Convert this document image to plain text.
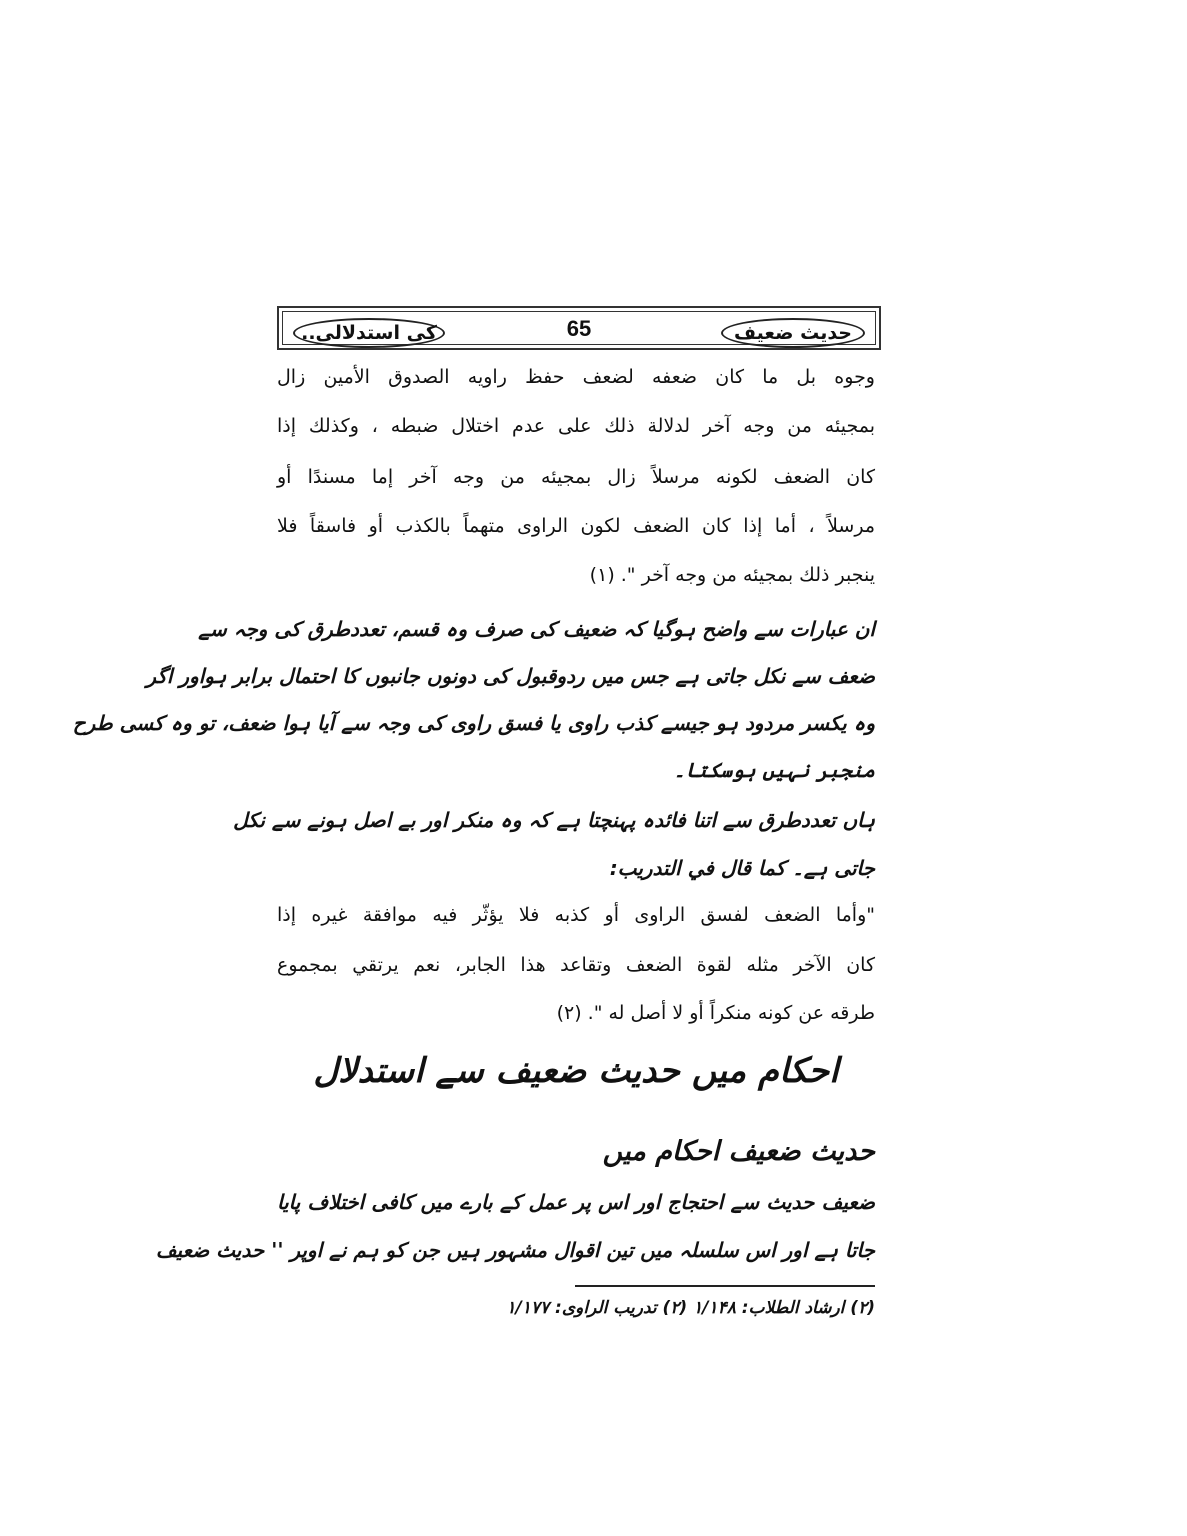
کی استدلالی..	65	حدیث ضعیف
وجوه بل ما كان ضعفه لضعف حفظ راويه الصدوق الأمين زال
بمجيئه من وجه آخر لدلالة ذلك على عدم اختلال ضبطه ، وكذلك إذا
كان الضعف لكونه مرسلاً زال بمجيئه من وجه آخر إما مسندًا أو
مرسلاً ، أما إذا كان الضعف لكون الراوى متهماً بالكذب أو فاسقاً فلا
ينجبر ذلك بمجيئه من وجه آخر ". (۱)
ان عبارات سے واضح ہوگیا کہ ضعیف کی صرف وہ قسم، تعددطرق کی وجہ سے
ضعف سے نکل جاتی ہے جس میں ردوقبول کی دونوں جانبوں کا احتمال برابر ہواور اگر
وہ یکسر مردود ہو جیسے کذب راوی یا فسق راوی کی وجہ سے آیا ہوا ضعف، تو وہ کسی طرح
منجبر نہیں ہوسکتا۔
ہاں تعددطرق سے اتنا فائدہ پہنچتا ہے کہ وہ منکر اور بے اصل ہونے سے نکل
جاتی ہے۔ کما قال في التدريب:
"وأما الضعف لفسق الراوى أو كذبه فلا يؤثّر فيه موافقة غيره إذا
كان الآخر مثله لقوة الضعف وتقاعد هذا الجابر، نعم يرتقي بمجموع
طرقه عن كونه منكراً أو لا أصل له ". (۲)
احکام میں حدیث ضعیف سے استدلال
حدیث ضعیف احکام میں
ضعیف حدیث سے احتجاج اور اس پر عمل کے بارے میں کافی اختلاف پایا
جاتا ہے اور اس سلسلہ میں تین اقوال مشہور ہیں جن کو ہم نے اوپر '' حدیث ضعیف
(۲) ارشاد الطلاب: ۱/۱۴۸ (۲) تدریب الراوی: ۱/۱۷۷
